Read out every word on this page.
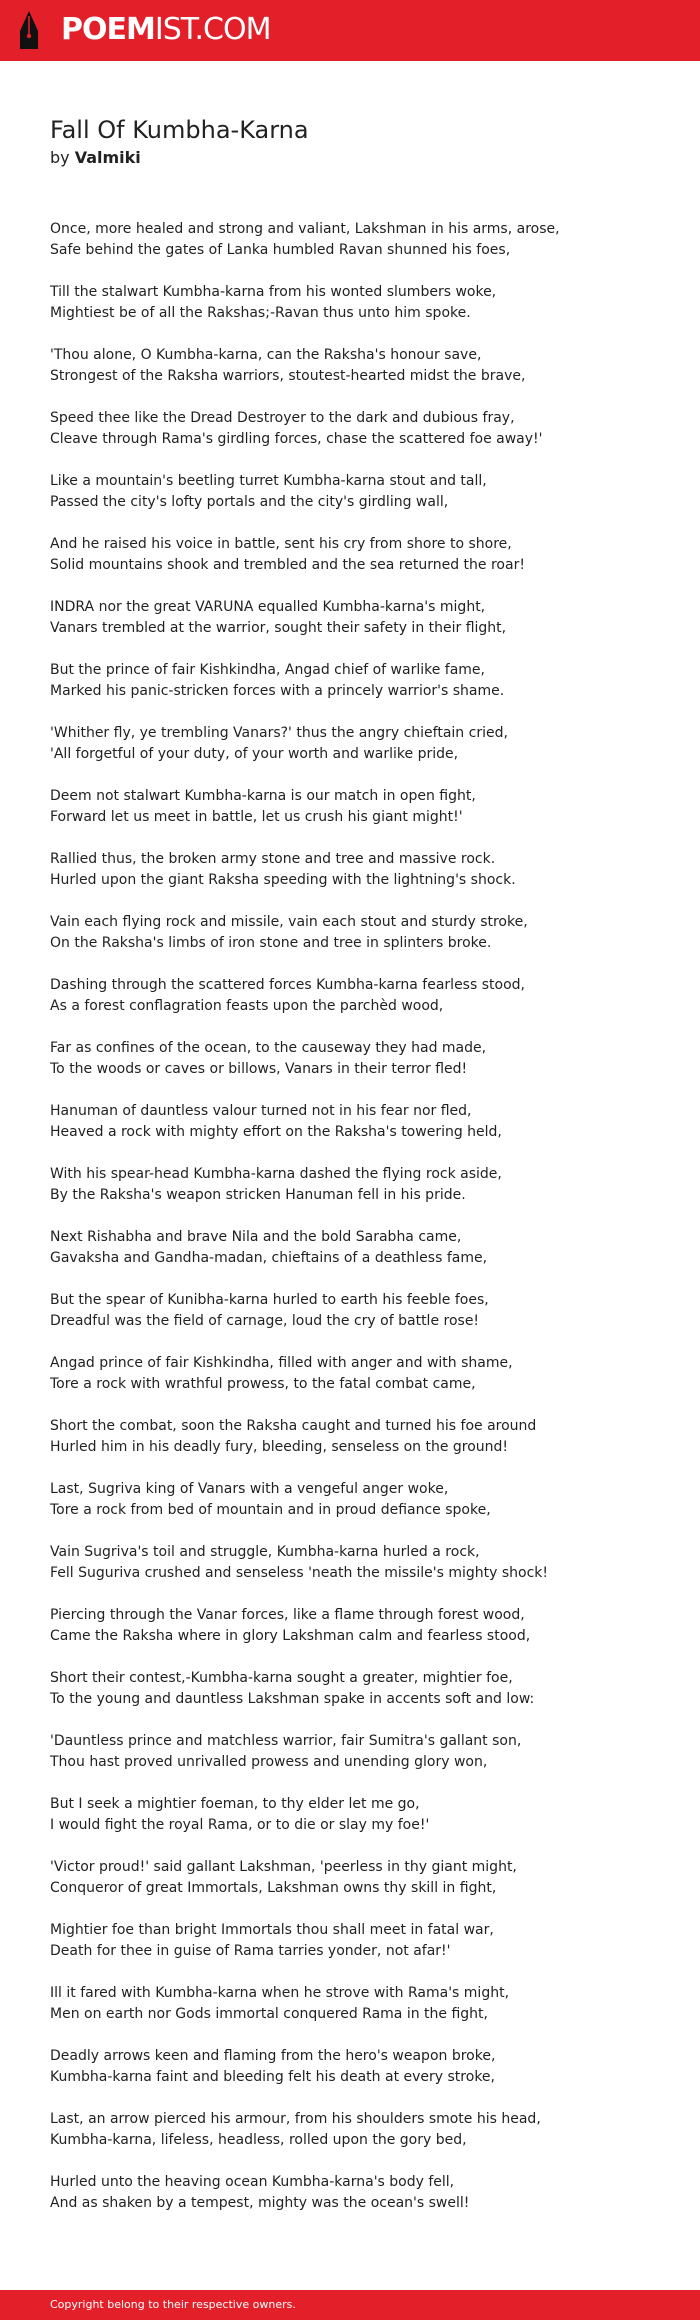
POEMIST.COM
Fall Of Kumbha-Karna
by Valmiki
Once, more healed and strong and valiant, Lakshman in his arms, arose,
Safe behind the gates of Lanka humbled Ravan shunned his foes,
Till the stalwart Kumbha-karna from his wonted slumbers woke,
Mightiest be of all the Rakshas;-Ravan thus unto him spoke.
'Thou alone, O Kumbha-karna, can the Raksha's honour save,
Strongest of the Raksha warriors, stoutest-hearted midst the brave,
Speed thee like the Dread Destroyer to the dark and dubious fray,
Cleave through Rama's girdling forces, chase the scattered foe away!'
Like a mountain's beetling turret Kumbha-karna stout and tall,
Passed the city's lofty portals and the city's girdling wall,
And he raised his voice in battle, sent his cry from shore to shore,
Solid mountains shook and trembled and the sea returned the roar!
INDRA nor the great VARUNA equalled Kumbha-karna's might,
Vanars trembled at the warrior, sought their safety in their flight,
But the prince of fair Kishkindha, Angad chief of warlike fame,
Marked his panic-stricken forces with a princely warrior's shame.
'Whither fly, ye trembling Vanars?' thus the angry chieftain cried,
'All forgetful of your duty, of your worth and warlike pride,
Deem not stalwart Kumbha-karna is our match in open fight,
Forward let us meet in battle, let us crush his giant might!'
Rallied thus, the broken army stone and tree and massive rock.
Hurled upon the giant Raksha speeding with the lightning's shock.
Vain each flying rock and missile, vain each stout and sturdy stroke,
On the Raksha's limbs of iron stone and tree in splinters broke.
Dashing through the scattered forces Kumbha-karna fearless stood,
As a forest conflagration feasts upon the parchèd wood,
Far as confines of the ocean, to the causeway they had made,
To the woods or caves or billows, Vanars in their terror fled!
Hanuman of dauntless valour turned not in his fear nor fled,
Heaved a rock with mighty effort on the Raksha's towering held,
With his spear-head Kumbha-karna dashed the flying rock aside,
By the Raksha's weapon stricken Hanuman fell in his pride.
Next Rishabha and brave Nila and the bold Sarabha came,
Gavaksha and Gandha-madan, chieftains of a deathless fame,
But the spear of Kunibha-karna hurled to earth his feeble foes,
Dreadful was the field of carnage, loud the cry of battle rose!
Angad prince of fair Kishkindha, filled with anger and with shame,
Tore a rock with wrathful prowess, to the fatal combat came,
Short the combat, soon the Raksha caught and turned his foe around
Hurled him in his deadly fury, bleeding, senseless on the ground!
Last, Sugriva king of Vanars with a vengeful anger woke,
Tore a rock from bed of mountain and in proud defiance spoke,
Vain Sugriva's toil and struggle, Kumbha-karna hurled a rock,
Fell Suguriva crushed and senseless 'neath the missile's mighty shock!
Piercing through the Vanar forces, like a flame through forest wood,
Came the Raksha where in glory Lakshman calm and fearless stood,
Short their contest,-Kumbha-karna sought a greater, mightier foe,
To the young and dauntless Lakshman spake in accents soft and low:
'Dauntless prince and matchless warrior, fair Sumitra's gallant son,
Thou hast proved unrivalled prowess and unending glory won,
But I seek a mightier foeman, to thy elder let me go,
I would fight the royal Rama, or to die or slay my foe!'
'Victor proud!' said gallant Lakshman, 'peerless in thy giant might,
Conqueror of great Immortals, Lakshman owns thy skill in fight,
Mightier foe than bright Immortals thou shall meet in fatal war,
Death for thee in guise of Rama tarries yonder, not afar!'
Ill it fared with Kumbha-karna when he strove with Rama's might,
Men on earth nor Gods immortal conquered Rama in the fight,
Deadly arrows keen and flaming from the hero's weapon broke,
Kumbha-karna faint and bleeding felt his death at every stroke,
Last, an arrow pierced his armour, from his shoulders smote his head,
Kumbha-karna, lifeless, headless, rolled upon the gory bed,
Hurled unto the heaving ocean Kumbha-karna's body fell,
And as shaken by a tempest, mighty was the ocean's swell!
Copyright belong to their respective owners.
